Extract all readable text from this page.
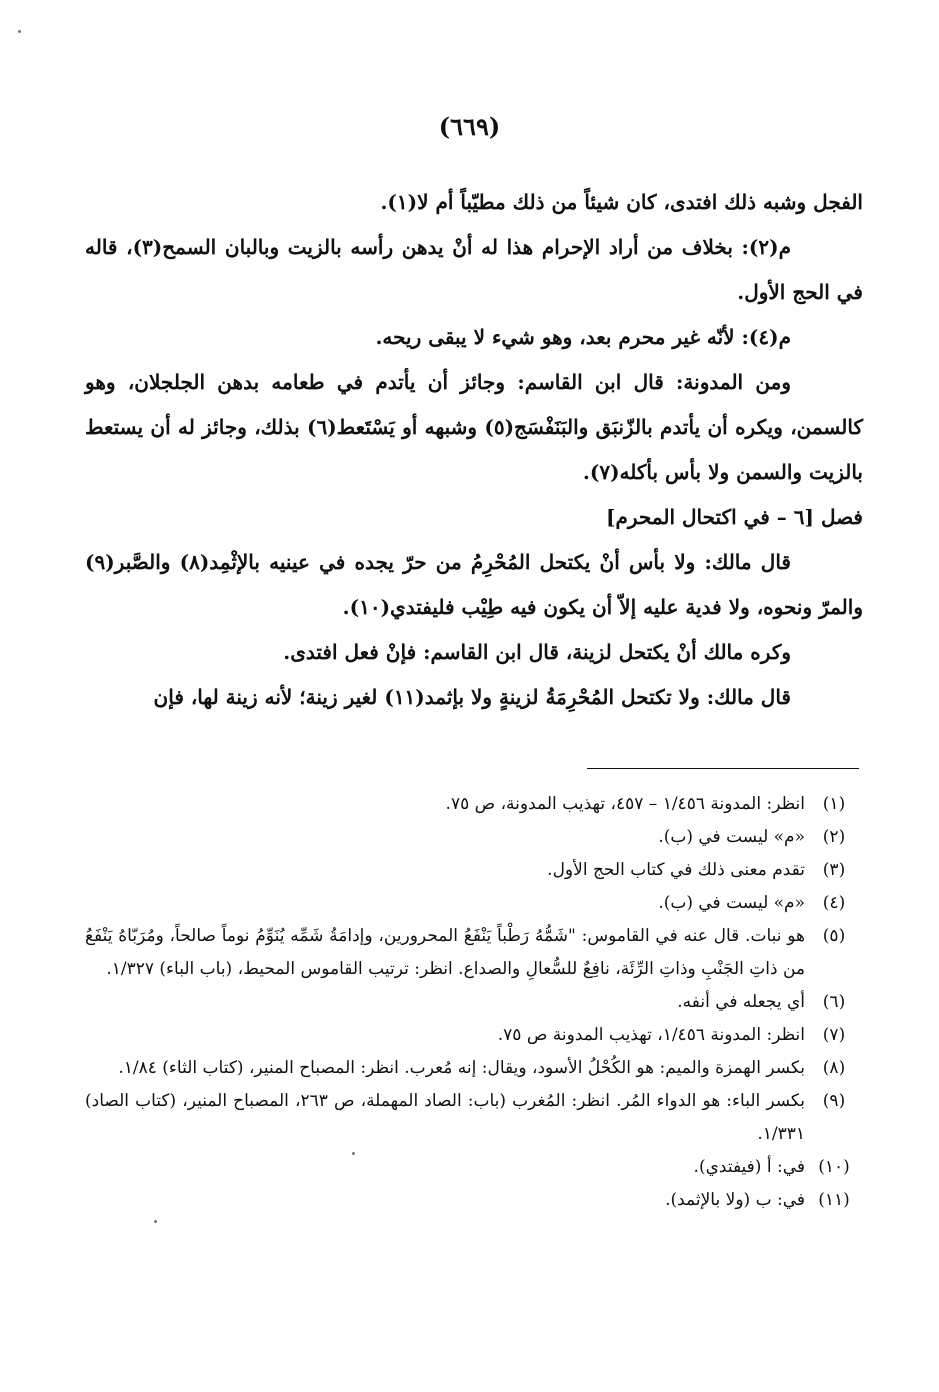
(٦٦٩)

الفجل وشبه ذلك افتدى، كان شيئاً من ذلك مطيّباً أم لا(١).

م(٢): بخلاف من أراد الإحرام هذا له أنْ يدهن رأسه بالزيت وبالبان السمح(٣)، قاله في الحج الأول.

م(٤): لأنّه غير محرم بعد، وهو شيء لا يبقى ريحه.

ومن المدونة: قال ابن القاسم: وجائز أن يأتدم في طعامه بدهن الجلجلان، وهو كالسمن، ويكره أن يأتدم بالزّنبَق والبَنَفْسَج(٥) وشبهه أو يَسْتَعط(٦) بذلك، وجائز له أن يستعط بالزيت والسمن ولا بأس بأكله(٧).

فصل [٦ – في اكتحال المحرم]

قال مالك: ولا بأس أنْ يكتحل المُحْرِمُ من حرّ يجده في عينيه بالإثْمِد(٨) والصَّبر(٩) والمرّ ونحوه، ولا فدية عليه إلاّ أن يكون فيه طِيْب فليفتدي(١٠).

وكره مالك أنْ يكتحل لزينة، قال ابن القاسم: فإنْ فعل افتدى.

قال مالك: ولا تكتحل المُحْرِمَةُ لزينةٍ ولا بإثمد(١١) لغير زينة؛ لأنه زينة لها، فإن

(١)
انظر: المدونة ١/٤٥٦ – ٤٥٧، تهذيب المدونة، ص ٧٥.
(٢)
«م» ليست في (ب).
(٣)
تقدم معنى ذلك في كتاب الحج الأول.
(٤)
«م» ليست في (ب).
(٥)
هو نبات. قال عنه في القاموس: "شَمُّهُ رَطْباً يَنْفَعُ المحرورين، وإدامَةُ شَمِّه يُنَوِّمُ نوماً صالحاً، ومُرَبّاهُ يَنْفَعُ من ذاتِ الجَنْبِ وذاتِ الرِّئَة، نافِعٌ للسُّعالِ والصداع. انظر: ترتيب القاموس المحيط، (باب الباء) ١/٣٢٧.
(٦)
أي يجعله في أنفه.
(٧)
انظر: المدونة ١/٤٥٦، تهذيب المدونة ص ٧٥.
(٨)
بكسر الهمزة والميم: هو الكُحْلُ الأسود، ويقال: إنه مُعرب. انظر: المصباح المنير، (كتاب الثاء) ١/٨٤.
(٩)
بكسر الباء: هو الدواء المُر. انظر: المُغرب (باب: الصاد المهملة، ص ٢٦٣، المصباح المنير، (كتاب الصاد) ١/٣٣١.
(١٠)
في: أ (فيفتدي).
(١١)
في: ب (ولا بالإثمد).
